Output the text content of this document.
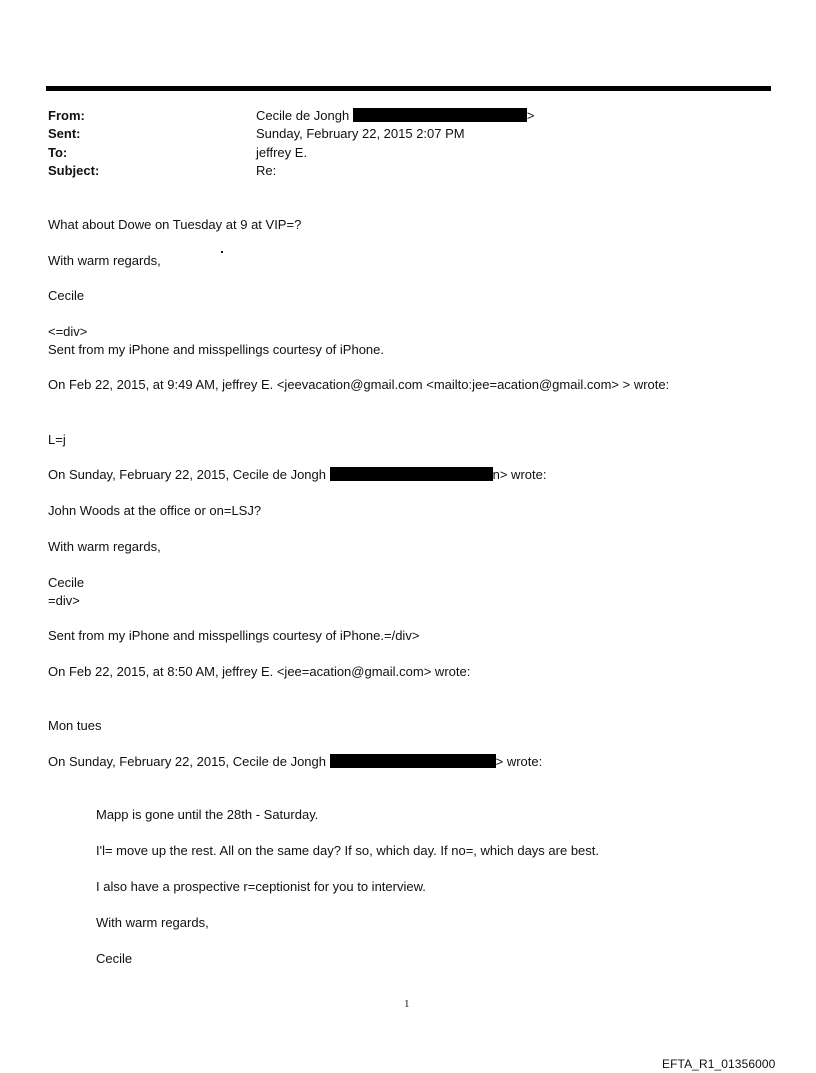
From:	Cecile de Jongh	>
Sent:	Sunday, February 22, 2015 2:07 PM
To:	jeffrey E.
Subject:	Re:
What about Dowe on Tuesday at 9 at VIP=?
With warm regards,
Cecile
<=div>
Sent from my iPhone and misspellings courtesy of iPhone.
On Feb 22, 2015, at 9:49 AM, jeffrey E. <jeevacation@gmail.com <mailto:jee=acation@gmail.com> > wrote:
L=j
On Sunday, February 22, 2015, Cecile de Jongh	n> wrote:
John Woods at the office or on=LSJ?
With warm regards,
Cecile
=div>
Sent from my iPhone and misspellings courtesy of iPhone.=/div>
On Feb 22, 2015, at 8:50 AM, jeffrey E. <jee=acation@gmail.com> wrote:
Mon tues
On Sunday, February 22, 2015, Cecile de Jongh	> wrote:
Mapp is gone until the 28th - Saturday.
I'l= move up the rest. All on the same day? If so, which day. If no=, which days are best.
I also have a prospective r=ceptionist for you to interview.
With warm regards,
Cecile
1
EFTA_R1_01356000
